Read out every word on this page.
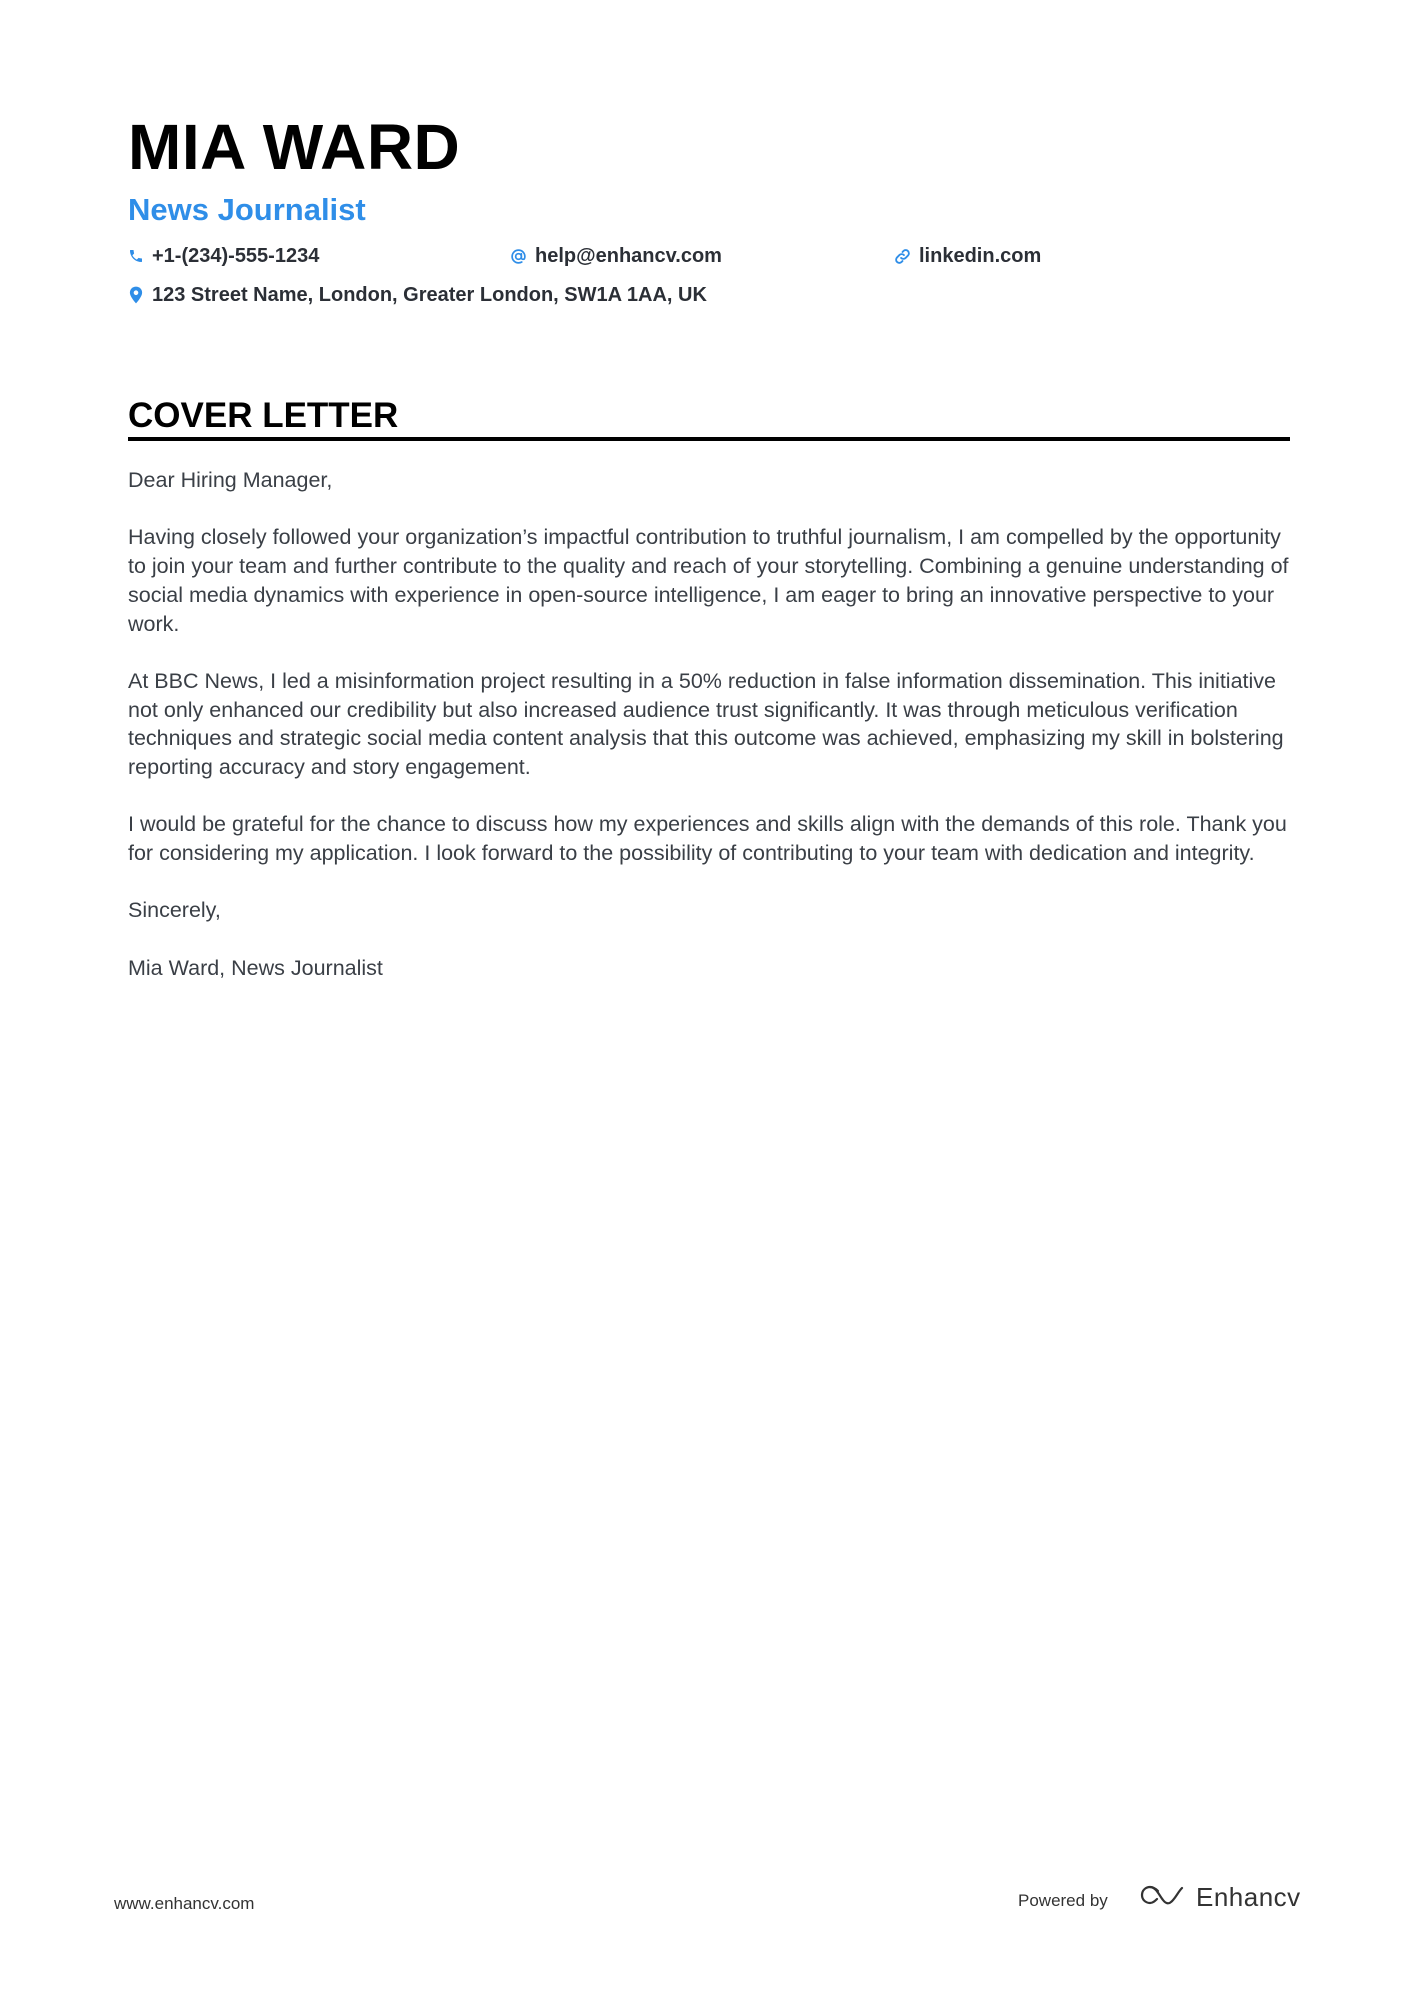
MIA WARD
News Journalist
+1-(234)-555-1234	help@enhancv.com	linkedin.com
123 Street Name, London, Greater London, SW1A 1AA, UK
COVER LETTER

Dear Hiring Manager,

Having closely followed your organization’s impactful contribution to truthful journalism, I am compelled by the opportunity to join your team and further contribute to the quality and reach of your storytelling. Combining a genuine understanding of social media dynamics with experience in open-source intelligence, I am eager to bring an innovative perspective to your work.

At BBC News, I led a misinformation project resulting in a 50% reduction in false information dissemination. This initiative not only enhanced our credibility but also increased audience trust significantly. It was through meticulous verification techniques and strategic social media content analysis that this outcome was achieved, emphasizing my skill in bolstering reporting accuracy and story engagement.

I would be grateful for the chance to discuss how my experiences and skills align with the demands of this role. Thank you for considering my application. I look forward to the possibility of contributing to your team with dedication and integrity.

Sincerely,

Mia Ward, News Journalist

www.enhancv.com	Powered by	Enhancv
